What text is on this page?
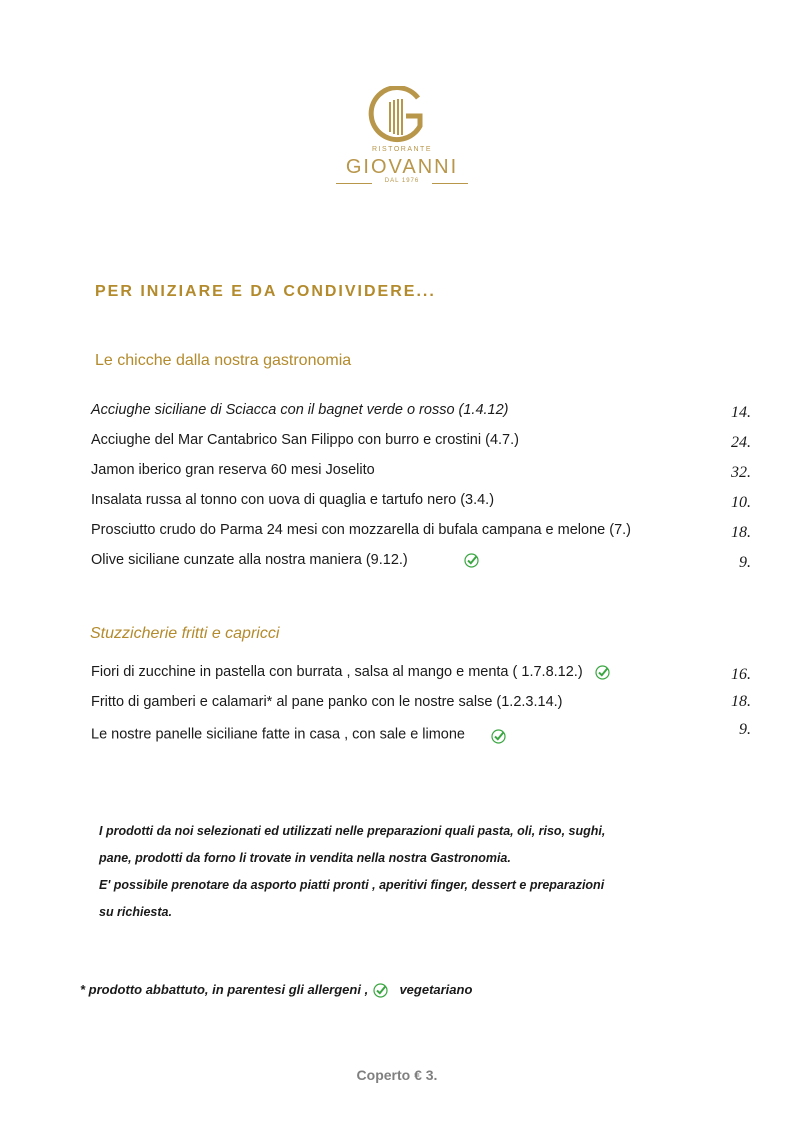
RISTORANTE
GIOVANNI
DAL 1976
PER INIZIARE E DA CONDIVIDERE...
Le chicche dalla nostra gastronomia
Acciughe siciliane di Sciacca con il bagnet verde o rosso (1.4.12)	14.
Acciughe del Mar Cantabrico San Filippo con burro e crostini (4.7.)	24.
Jamon iberico gran reserva 60 mesi Joselito	32.
Insalata russa al tonno con uova di quaglia e tartufo nero (3.4.)	10.
Prosciutto crudo do Parma 24 mesi con mozzarella di bufala campana e melone (7.)	18.
Olive siciliane cunzate alla nostra maniera (9.12.)	9.
Stuzzicherie fritti e capricci
Fiori di zucchine in pastella con burrata , salsa al mango e menta ( 1.7.8.12.)	16.
Fritto di gamberi e calamari* al pane panko con le nostre salse (1.2.3.14.)	18.
Le nostre panelle siciliane fatte in casa , con sale e limone	9.
I prodotti da noi selezionati ed utilizzati nelle preparazioni quali pasta, oli, riso, sughi,
pane, prodotti da forno li trovate in vendita nella nostra Gastronomia.
E' possibile prenotare da asporto piatti pronti , aperitivi finger, dessert e preparazioni
su richiesta.
* prodotto abbattuto, in parentesi gli allergeni , vegetariano
Coperto € 3.
